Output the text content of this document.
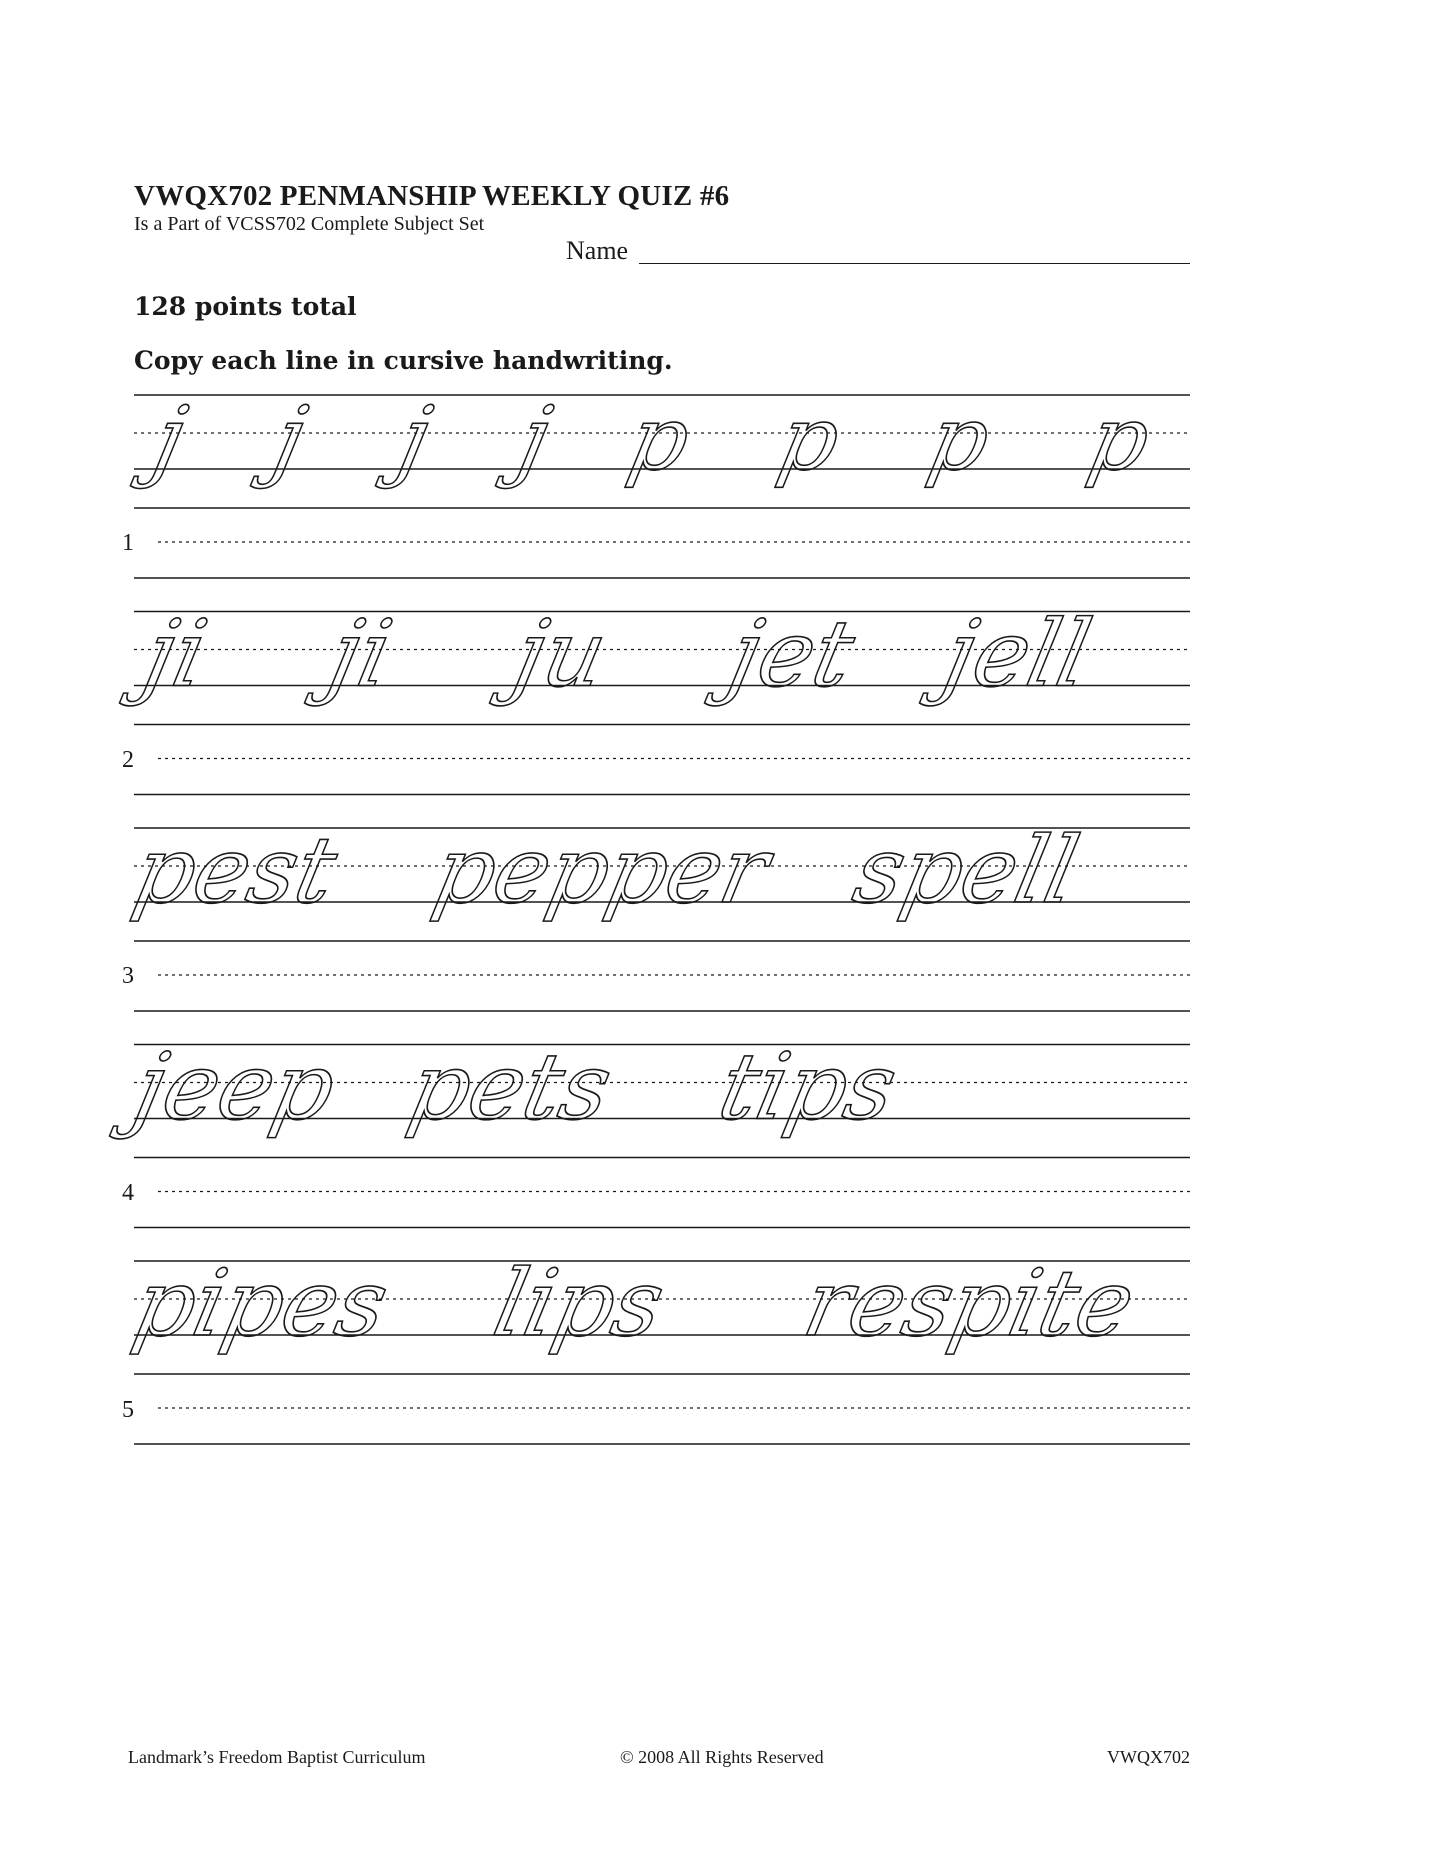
VWQX702 PENMANSHIP WEEKLY QUIZ #6
Is a Part of VCSS702 Complete Subject Set
Name
128 points total
Copy each line in cursive handwriting.
j j j j p p p p
ji ji ju jet jell
pest pepper spell
jeep pets tips
pipes lips respite
1
2
3
4
5
Landmark’s Freedom Baptist Curriculum	© 2008 All Rights Reserved	VWQX702
